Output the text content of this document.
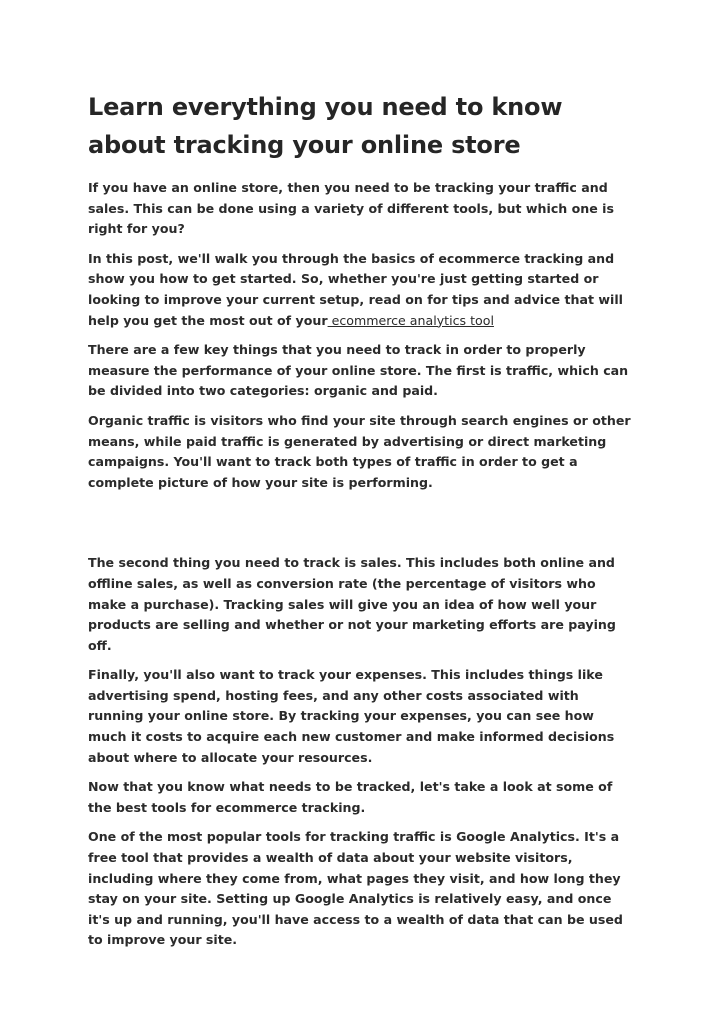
Learn everything you need to know about tracking your online store

If you have an online store, then you need to be tracking your traffic and sales. This can be done using a variety of different tools, but which one is right for you?

In this post, we'll walk you through the basics of ecommerce tracking and show you how to get started. So, whether you're just getting started or looking to improve your current setup, read on for tips and advice that will help you get the most out of your ecommerce analytics tool

There are a few key things that you need to track in order to properly measure the performance of your online store. The first is traffic, which can be divided into two categories: organic and paid.

Organic traffic is visitors who find your site through search engines or other means, while paid traffic is generated by advertising or direct marketing campaigns. You'll want to track both types of traffic in order to get a complete picture of how your site is performing.

The second thing you need to track is sales. This includes both online and offline sales, as well as conversion rate (the percentage of visitors who make a purchase). Tracking sales will give you an idea of how well your products are selling and whether or not your marketing efforts are paying off.

Finally, you'll also want to track your expenses. This includes things like advertising spend, hosting fees, and any other costs associated with running your online store. By tracking your expenses, you can see how much it costs to acquire each new customer and make informed decisions about where to allocate your resources.

Now that you know what needs to be tracked, let's take a look at some of the best tools for ecommerce tracking.

One of the most popular tools for tracking traffic is Google Analytics. It's a free tool that provides a wealth of data about your website visitors, including where they come from, what pages they visit, and how long they stay on your site. Setting up Google Analytics is relatively easy, and once it's up and running, you'll have access to a wealth of data that can be used to improve your site.
